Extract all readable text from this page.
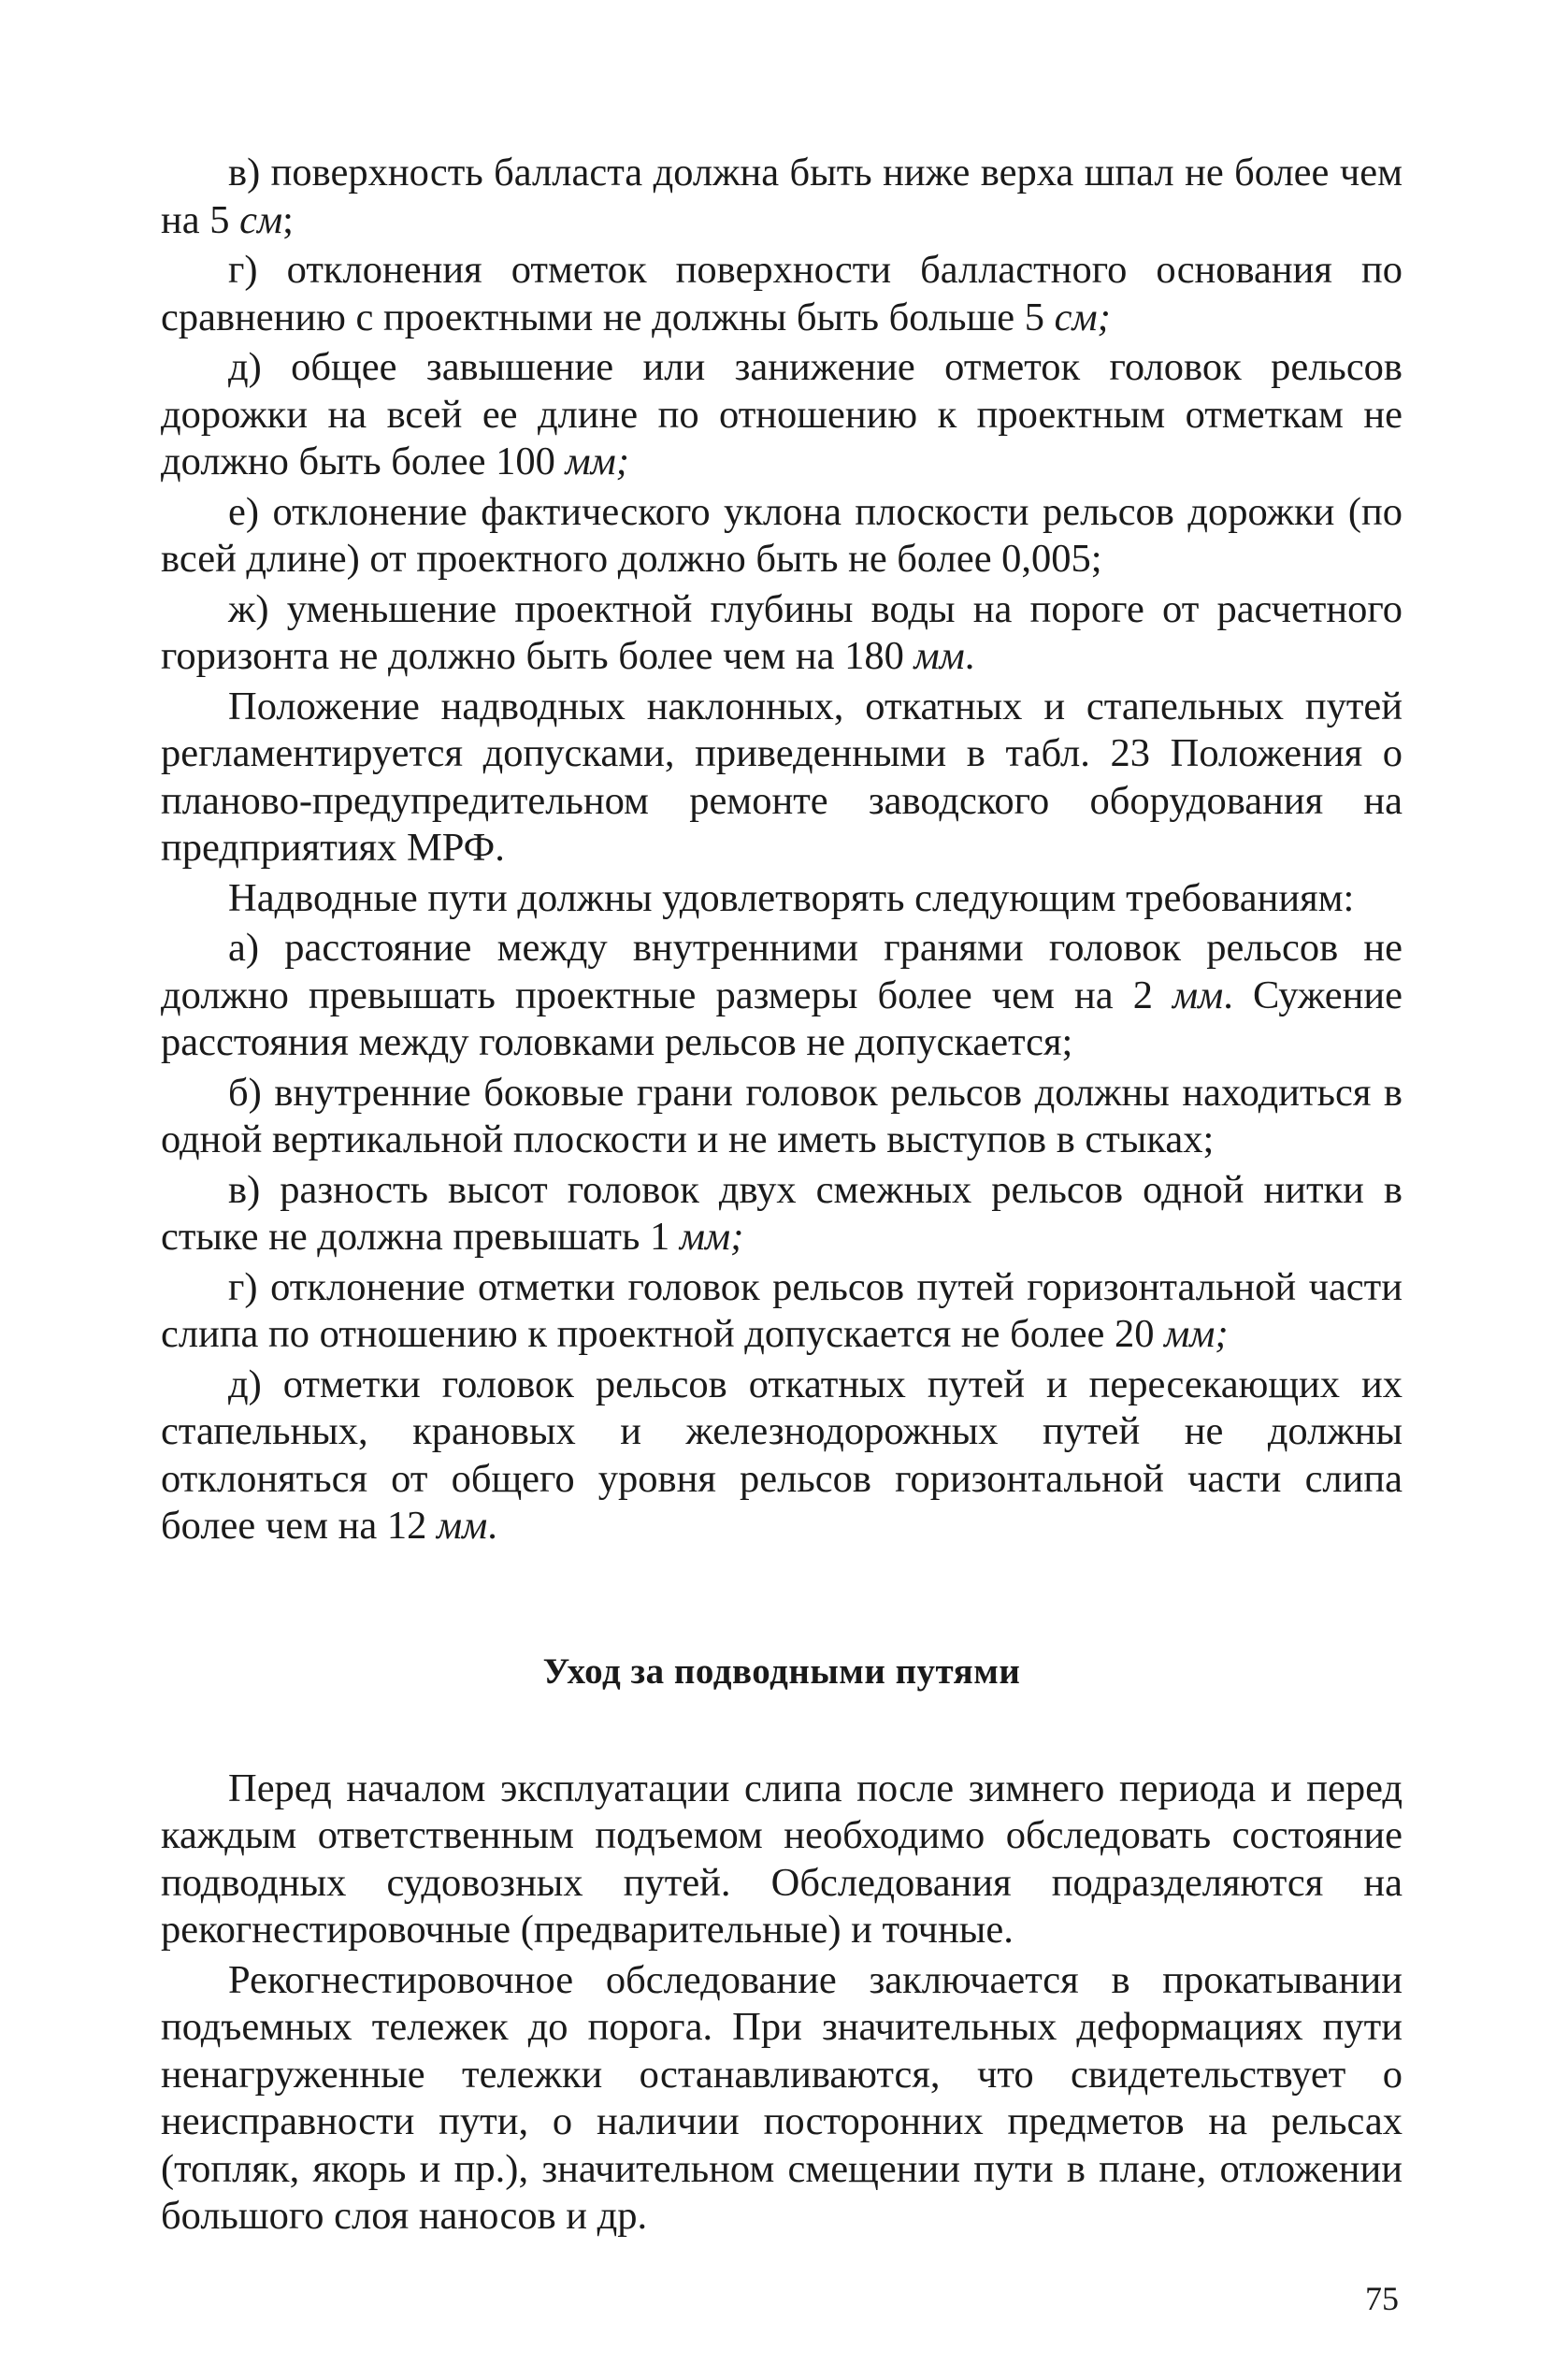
в) поверхность балласта должна быть ниже верха шпал не более чем на 5 см;

г) отклонения отметок поверхности балластного основания по сравнению с проектными не должны быть больше 5 см;

д) общее завышение или занижение отметок головок рельсов дорожки на всей ее длине по отношению к проектным отметкам не должно быть более 100 мм;

е) отклонение фактического уклона плоскости рельсов дорожки (по всей длине) от проектного должно быть не более 0,005;

ж) уменьшение проектной глубины воды на пороге от расчетного горизонта не должно быть более чем на 180 мм.

Положение надводных наклонных, откатных и стапельных путей регламентируется допусками, приведенными в табл. 23 Положения о планово-предупредительном ремонте заводского оборудования на предприятиях МРФ.

Надводные пути должны удовлетворять следующим требованиям:

а) расстояние между внутренними гранями головок рельсов не должно превышать проектные размеры более чем на 2 мм. Сужение расстояния между головками рельсов не допускается;

б) внутренние боковые грани головок рельсов должны находиться в одной вертикальной плоскости и не иметь выступов в стыках;

в) разность высот головок двух смежных рельсов одной нитки в стыке не должна превышать 1 мм;

г) отклонение отметки головок рельсов путей горизонтальной части слипа по отношению к проектной допускается не более 20 мм;

д) отметки головок рельсов откатных путей и пересекающих их стапельных, крановых и железнодорожных путей не должны отклоняться от общего уровня рельсов горизонтальной части слипа более чем на 12 мм.

Уход за подводными путями

Перед началом эксплуатации слипа после зимнего периода и перед каждым ответственным подъемом необходимо обследовать состояние подводных судовозных путей. Обследования подразделяются на рекогнестировочные (предварительные) и точные.

Рекогнестировочное обследование заключается в прокатывании подъемных тележек до порога. При значительных деформациях пути ненагруженные тележки останавливаются, что свидетельствует о неисправности пути, о наличии посторонних предметов на рельсах (топляк, якорь и пр.), значительном смещении пути в плане, отложении большого слоя наносов и др.

75
